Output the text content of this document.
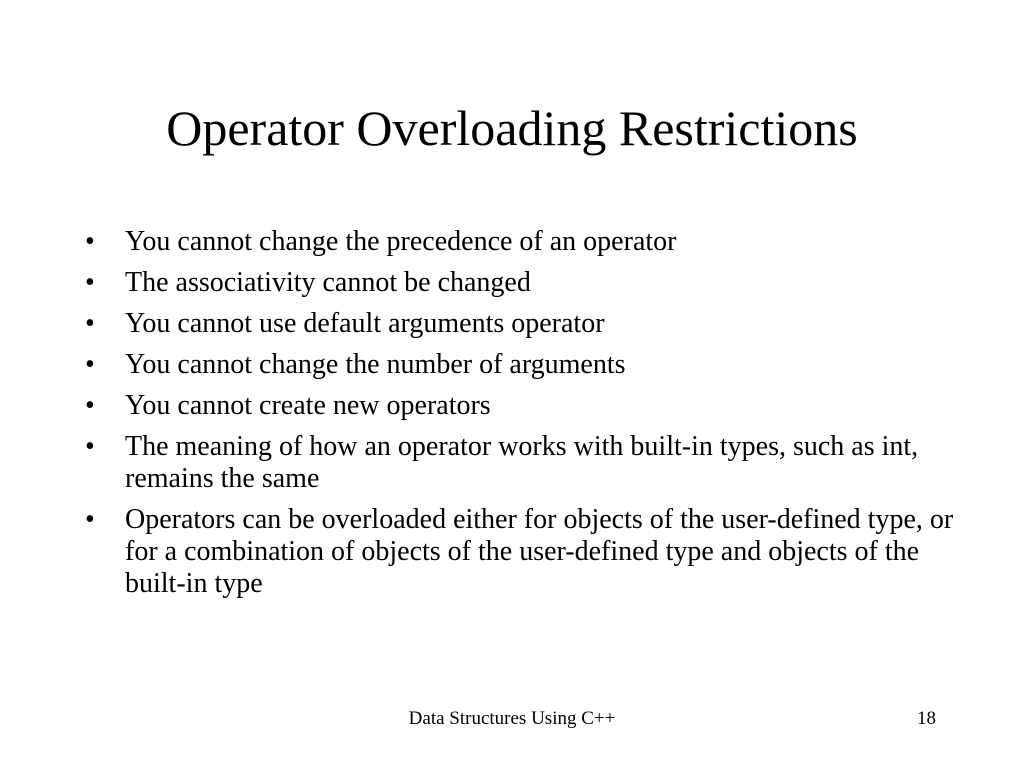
Operator Overloading Restrictions
• You cannot change the precedence of an operator
• The associativity cannot be changed
• You cannot use default arguments operator
• You cannot change the number of arguments
• You cannot create new operators
• The meaning of how an operator works with built-in types, such as int, remains the same
• Operators can be overloaded either for objects of the user-defined type, or for a combination of objects of the user-defined type and objects of the built-in type
Data Structures Using C++	18
